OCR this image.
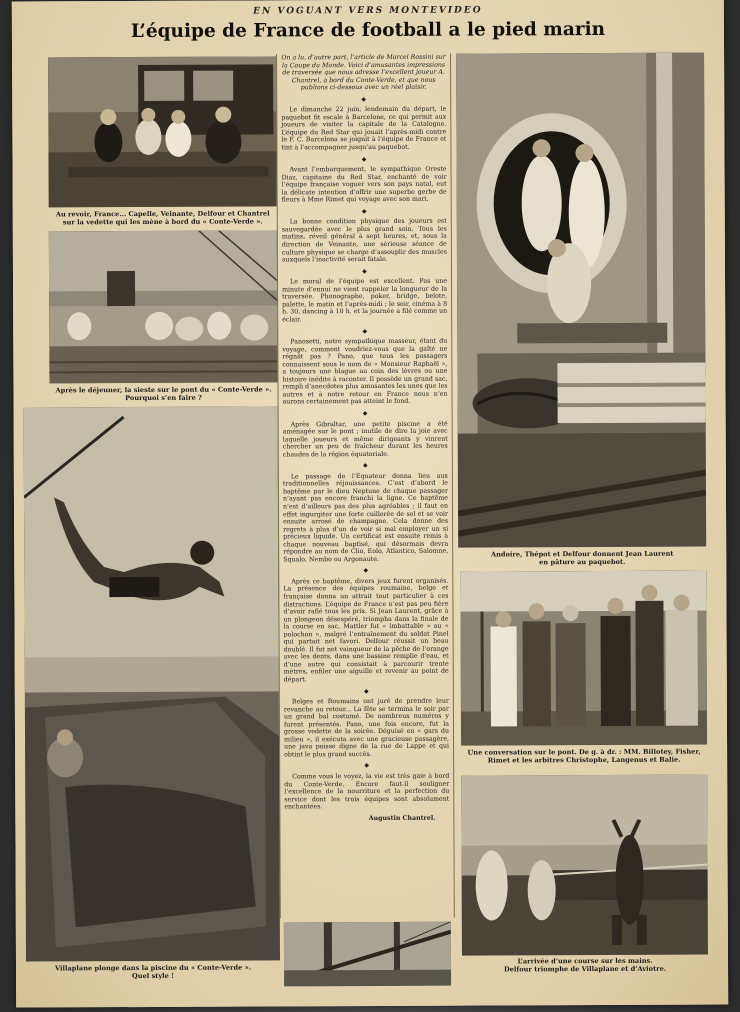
EN VOGUANT VERS MONTEVIDEO
L’équipe de France de football a le pied marin
Au revoir, France... Capelle, Veinante, Delfour et Chantrel sur la vedette qui les mène à bord du « Conte-Verde ».
Après le déjeuner, la sieste sur le pont du « Conte-Verde ». Pourquoi s’en faire ?
Villaplane plonge dans la piscine du « Conte-Verde ».
Quel style !

On a lu, d’autre part, l’article de Marcel Rossini sur la Coupe du Monde. Voici d’amusantes impressions de traversée que nous adresse l’excellent joueur A. Chantrel, à bord du Conte-Verde, et que nous publions ci-dessous avec un réel plaisir.

◆

Le dimanche 22 juin, lendemain du départ, le paquebot fit escale à Barcelone, ce qui permit aux joueurs de visiter la capitale de la Catalogne. L’équipe du Red Star qui jouait l’après-midi contre le F. C. Barcelona se joignit à l’équipe de France et tint à l’accompagner jusqu’au paquebot.

◆

Avant l’embarquement, le sympathique Oreste Diaz, capitaine du Red Star, enchanté de voir l’équipe française voguer vers son pays natal, eut la délicate intention d’offrir une superbe gerbe de fleurs à Mme Rimet qui voyage avec son mari.

◆

La bonne condition physique des joueurs est sauvegardée avec le plus grand soin. Tous les matins, réveil général à sept heures, et, sous la direction de Veinante, une sérieuse séance de culture physique se charge d’assouplir des muscles auxquels l’inactivité serait fatale.

◆

Le moral de l’équipe est excellent. Pas une minute d’ennui ne vient rappeler la longueur de la traversée. Phonographe, poker, bridge, belote, palette, le matin et l’après-midi ; le soir, cinéma à 8 h. 30, dancing à 10 h. et la journée a filé comme un éclair.

◆

Panosetti, notre sympathique masseur, étant du voyage, comment voudriez-vous que la gaîté ne régnât pas ? Pano, que tous les passagers connaissent sous le nom de « Monsieur Raphaël », a toujours une blague au coin des lèvres ou une histoire inédite à raconter. Il possède un grand sac, rempli d’anecdotes plus amusantes les unes que les autres et à notre retour en France nous n’en aurons certainement pas atteint le fond.

◆

Après Gibraltar, une petite piscine a été aménagée sur le pont ; inutile de dire la joie avec laquelle joueurs et même dirigeants y vinrent chercher un peu de fraîcheur durant les heures chaudes de la région équatoriale.

◆

Le passage de l’Equateur donna lieu aux traditionnelles réjouissances. C’est d’abord le baptême par le dieu Neptune de chaque passager n’ayant pas encore franchi la ligne. Ce baptême n’est d’ailleurs pas des plus agréables ; il faut en effet ingurgiter une forte cuillerée de sel et se voir ensuite arrosé de champagne. Cela donne des regrets à plus d’un de voir si mal employer un si précieux liquide. Un certificat est ensuite remis à chaque nouveau baptisé, qui désormais devra répondre au nom de Clio, Eolo, Atlantico, Salomne, Squalo, Nembo ou Argonaute.

◆

Après ce baptême, divers jeux furent organisés. La présence des équipes roumaine, belge et française donna un attrait tout particulier à ces distractions. L’équipe de France n’est pas peu fière d’avoir raflé tous les prix. Si Jean Laurent, grâce à un plongeon désespéré, triompha dans la finale de la course en sac, Mattler fut « imbattable » au « polochon », malgré l’entraînement du soldat Pinel qui partait net favori. Delfour réussit un beau doublé. Il fut net vainqueur de la pêche de l’orange avec les dents, dans une bassine remplie d’eau, et d’une autre qui consistait à parcourir trente mètres, enfiler une aiguille et revenir au point de départ.

◆

Belges et Roumains ont juré de prendre leur revanche au retour... La fête se termina le soir par un grand bal costumé. De nombreux numéros y furent présentés. Pano, une fois encore, fut la grosse vedette de la soirée. Déguisé en « gars du milieu », il exécuta avec une gracieuse passagère, une java poisse digne de la rue de Lappe et qui obtint le plus grand succès.

◆

Comme vous le voyez, la vie est très gaie à bord du Conte-Verde. Encore faut-il souligner l’excellence de la nourriture et la perfection du service dont les trois équipes sont absolument enchantées.

Augustin Chantrel.

Andoire, Thépot et Delfour donnent Jean Laurent
en pâture au paquebot.
Une conversation sur le pont. De g. à dr. : MM. Billotey, Fisher, Rimet et les arbitres Christophe, Langenus et Balie.
L’arrivée d’une course sur les mains.
Delfour triomphe de Villaplane et d’Aviotre.
